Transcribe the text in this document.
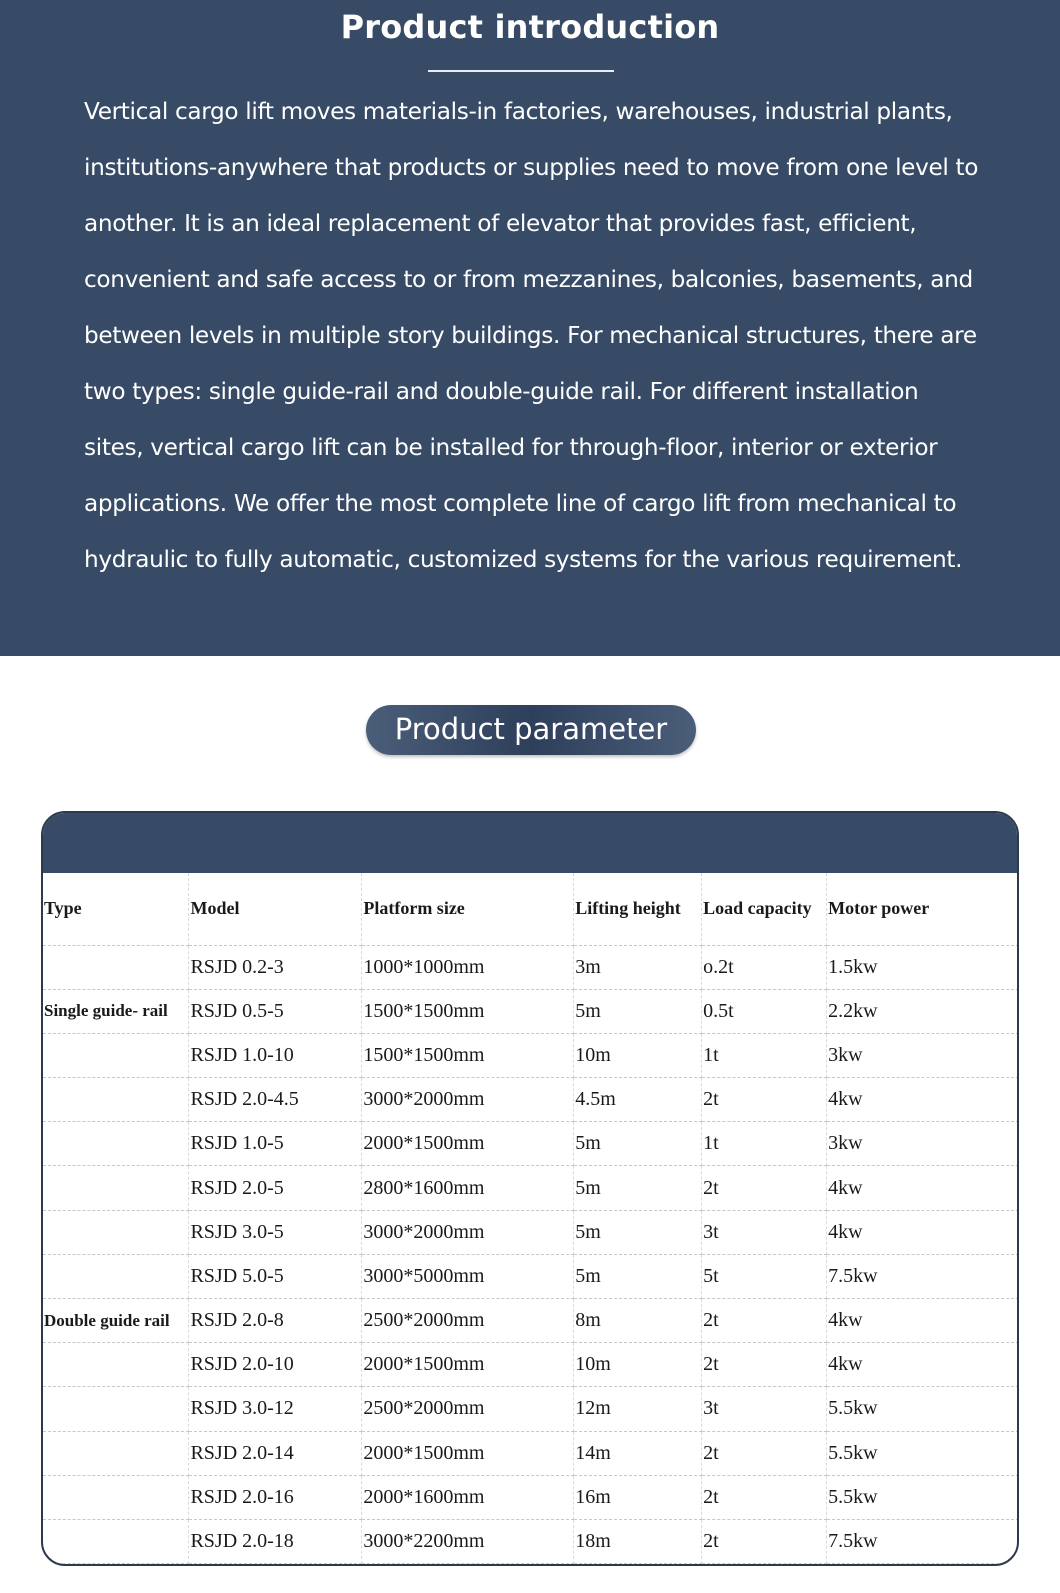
Product introduction

Vertical cargo lift moves materials-in factories, warehouses, industrial plants, institutions-anywhere that products or supplies need to move from one level to another. It is an ideal replacement of elevator that provides fast, efficient, convenient and safe access to or from mezzanines, balconies, basements, and between levels in multiple story buildings. For mechanical structures, there are two types: single guide-rail and double-guide rail. For different installation sites, vertical cargo lift can be installed for through-floor, interior or exterior applications. We offer the most complete line of cargo lift from mechanical to hydraulic to fully automatic, customized systems for the various requirement.

Product parameter
Type	Model	Platform size	Lifting height	Load capacity	Motor power
	RSJD 0.2-3	1000*1000mm	3m	o.2t	1.5kw
Single guide- rail	RSJD 0.5-5	1500*1500mm	5m	0.5t	2.2kw
	RSJD 1.0-10	1500*1500mm	10m	1t	3kw
	RSJD 2.0-4.5	3000*2000mm	4.5m	2t	4kw
	RSJD 1.0-5	2000*1500mm	5m	1t	3kw
	RSJD 2.0-5	2800*1600mm	5m	2t	4kw
	RSJD 3.0-5	3000*2000mm	5m	3t	4kw
	RSJD 5.0-5	3000*5000mm	5m	5t	7.5kw
Double guide rail	RSJD 2.0-8	2500*2000mm	8m	2t	4kw
	RSJD 2.0-10	2000*1500mm	10m	2t	4kw
	RSJD 3.0-12	2500*2000mm	12m	3t	5.5kw
	RSJD 2.0-14	2000*1500mm	14m	2t	5.5kw
	RSJD 2.0-16	2000*1600mm	16m	2t	5.5kw
	RSJD 2.0-18	3000*2200mm	18m	2t	7.5kw
